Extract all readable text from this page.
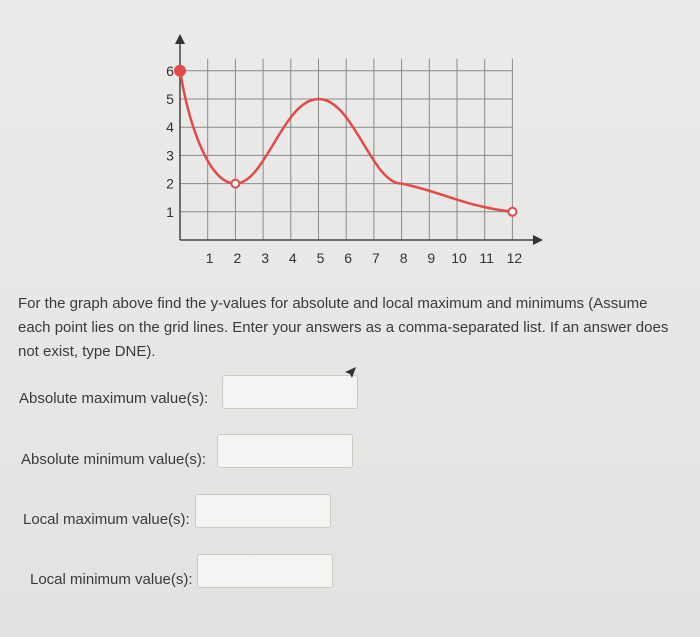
1 2 3 4 5 6 7 8 9 10 11 12
1
2
3
4
5
6
For the graph above find the y-values for absolute and local maximum and minimums (Assume each point lies on the grid lines. Enter your answers as a comma-separated list. If an answer does not exist, type DNE).
Absolute maximum value(s):
Absolute minimum value(s):
Local maximum value(s):
Local minimum value(s):
